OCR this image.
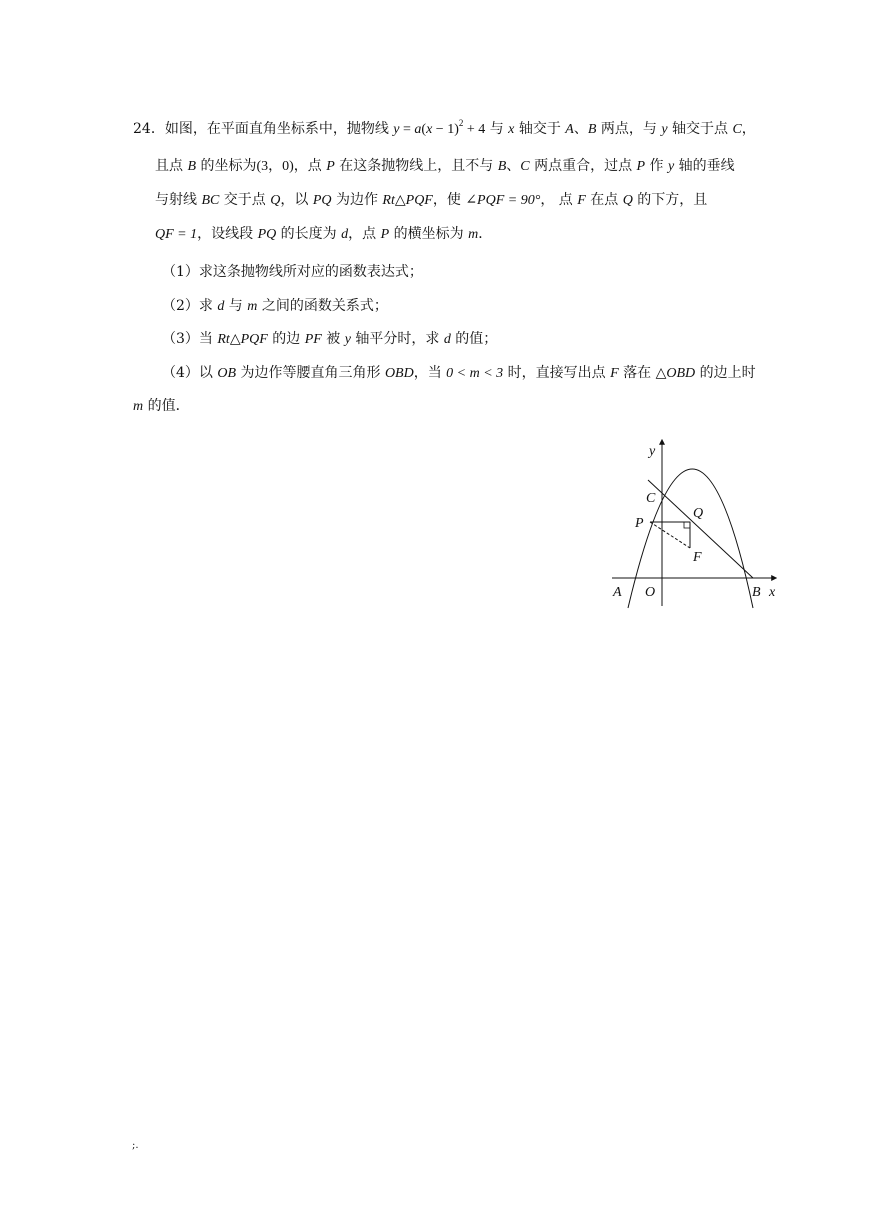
24．如图，在平面直角坐标系中，抛物线 $y = a(x - 1)^2 + 4$ 与 x 轴交于 A、B 两点，与 y 轴交于点 C，
且点 B 的坐标为(3，0)，点 P 在这条抛物线上，且不与 B、C 两点重合，过点 P 作 y 轴的垂线
与射线 BC 交于点 Q，以 PQ 为边作 Rt△PQF，使 ∠PQF = 90°， 点 F 在点 Q 的下方，且
QF = 1，设线段 PQ 的长度为 d，点 P 的横坐标为 m．
（1）求这条抛物线所对应的函数表达式；
（2）求 d 与 m 之间的函数关系式；
（3）当 Rt△PQF 的边 PF 被 y 轴平分时，求 d 的值；
（4）以 OB 为边作等腰直角三角形 OBD，当 0 < m < 3 时，直接写出点 F 落在 △OBD 的边上时
m 的值．
y
x
C
P
Q
F
A O	B
;.
